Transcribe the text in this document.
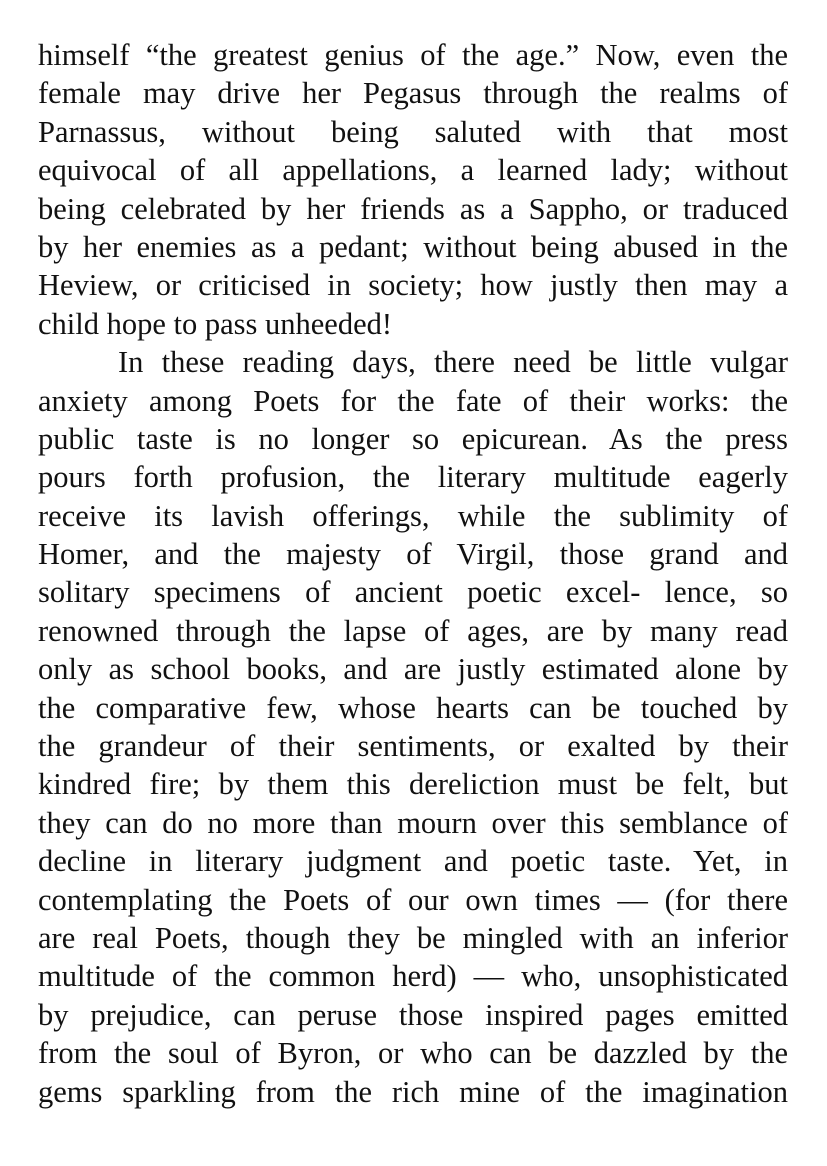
himself “the greatest genius of the age.” Now, even the
female may drive her Pegasus through the realms of
Parnassus, without being saluted with that most
equivocal of all appellations, a learned lady; without
being celebrated by her friends as a Sappho, or traduced
by her enemies as a pedant; without being abused in the
Heview, or criticised in society; how justly then may a
child hope to pass unheeded!
In these reading days, there need be little vulgar
anxiety among Poets for the fate of their works: the
public taste is no longer so epicurean. As the press
pours forth profusion, the literary multitude eagerly
receive its lavish offerings, while the sublimity of
Homer, and the majesty of Virgil, those grand and
solitary specimens of ancient poetic excel- lence, so
renowned through the lapse of ages, are by many read
only as school books, and are justly estimated alone by
the comparative few, whose hearts can be touched by
the grandeur of their sentiments, or exalted by their
kindred fire; by them this dereliction must be felt, but
they can do no more than mourn over this semblance of
decline in literary judgment and poetic taste. Yet, in
contemplating the Poets of our own times — (for there
are real Poets, though they be mingled with an inferior
multitude of the common herd) — who, unsophisticated
by prejudice, can peruse those inspired pages emitted
from the soul of Byron, or who can be dazzled by the
gems sparkling from the rich mine of the imagination
